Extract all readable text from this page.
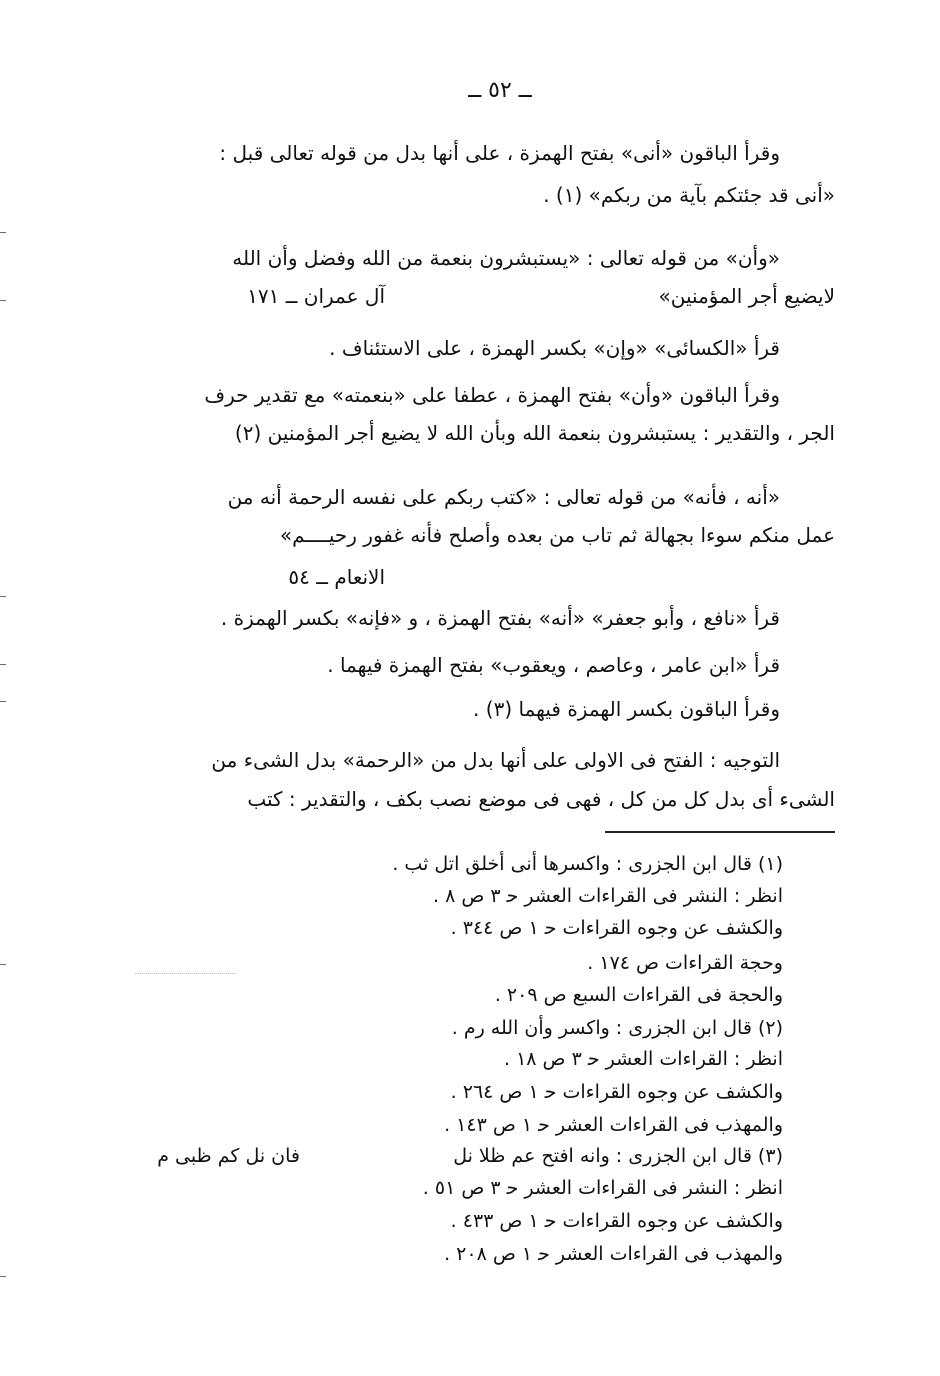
ــ ٥٢ ــ
وقرأ الباقون «أنى» بفتح الهمزة ، على أنها بدل من قوله تعالى قبل :
«أنى قد جئتكم بآية من ربكم» (١) .
«وأن» من قوله تعالى : «يستبشرون بنعمة من الله وفضل وأن الله
لايضيع أجر المؤمنين»
آل عمران ــ ١٧١
قرأ «الكسائى» «وإن» بكسر الهمزة ، على الاستئناف .
وقرأ الباقون «وأن» بفتح الهمزة ، عطفا على «بنعمته» مع تقدير حرف
الجر ، والتقدير : يستبشرون بنعمة الله وبأن الله لا يضيع أجر المؤمنين (٢)
«أنه ، فأنه» من قوله تعالى : «كتب ربكم على نفسه الرحمة أنه من
عمل منكم سوءا بجهالة ثم تاب من بعده وأصلح فأنه غفور رحيــــم»
الانعام ــ ٥٤
قرأ «نافع ، وأبو جعفر» «أنه» بفتح الهمزة ، و «فإنه» بكسر الهمزة .
قرأ «ابن عامر ، وعاصم ، ويعقوب» بفتح الهمزة فيهما .
وقرأ الباقون بكسر الهمزة فيهما (٣) .
التوجيه : الفتح فى الاولى على أنها بدل من «الرحمة» بدل الشىء من
الشىء أى بدل كل من كل ، فهى فى موضع نصب بكف ، والتقدير : كتب
(١) قال ابن الجزرى : واكسرها أنى أخلق اتل ثب .
انظر : النشر فى القراءات العشر ﺣ ٣ ص ٨ .
والكشف عن وجوه القراءات ﺣ ١ ص ٣٤٤ .
وحجة القراءات ص ١٧٤ .
والحجة فى القراءات السبع ص ٢٠٩ .
(٢) قال ابن الجزرى : واكسر وأن الله رم .
انظر : القراءات العشر ﺣ ٣ ص ١٨ .
والكشف عن وجوه القراءات ﺣ ١ ص ٢٦٤ .
والمهذب فى القراءات العشر ﺣ ١ ص ١٤٣ .
(٣) قال ابن الجزرى : وانه افتح عم ظلا نل
فان نل كم ظبى م
انظر : النشر فى القراءات العشر ﺣ ٣ ص ٥١ .
والكشف عن وجوه القراءات ﺣ ١ ص ٤٣٣ .
والمهذب فى القراءات العشر ﺣ ١ ص ٢٠٨ .
